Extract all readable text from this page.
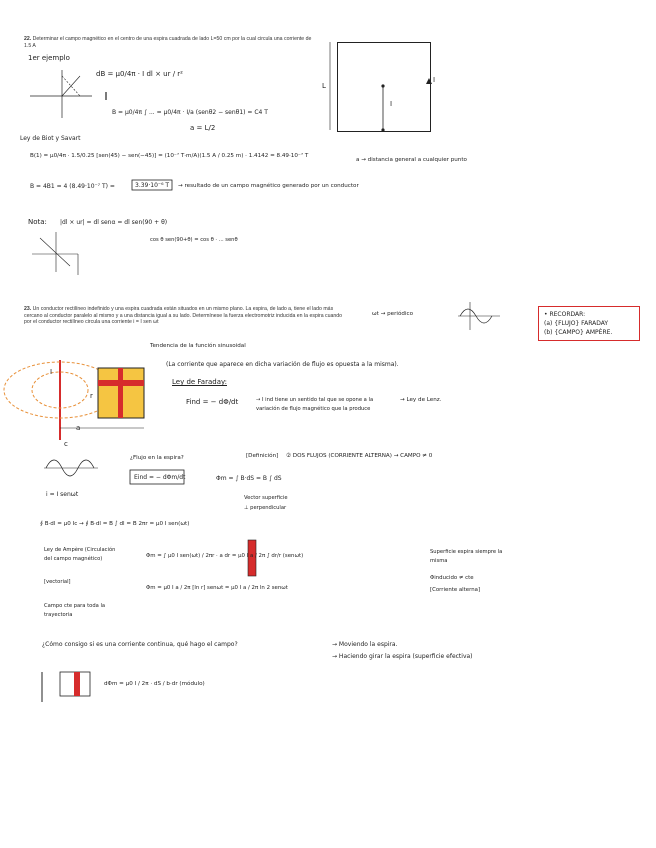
22. Determinar el campo magnético en el centro de una espira cuadrada de lado L=50 cm por la cual circula una corriente de 1.5 A
1er ejemplo
dB = μ0/4π · I dl × ur / r²
B = μ0/4π ∫ ... = μ0/4π · I/a (senθ2 − senθ1) = C4 T
a = L/2
Ley de Biot y Savart
B(1) = μ0/4π · 1.5/0.25 [sen(45) − sen(−45)] = (10⁻⁷ T·m/A)(1.5 A / 0.25 m) · 1.4142 = 8.49·10⁻⁷ T
B = 4B1 = 4 (8.49·10⁻⁷ T) =	3.39·10⁻⁶ T → resultado de un campo magnético generado por un conductor
a → distancia general a cualquier punto
Nota: |dl × ur| = dl senα = dl sen(90 + θ)
cos θ sen(90+θ) = cos θ · ... senθ
L
I
I
23. Un conductor rectilíneo indefinido y una espira cuadrada están situados en un mismo plano. La espira, de lado a, tiene el lado más cercano al conductor paralelo al mismo y a una distancia igual a su lado. Determínese la fuerza electromotriz inducida en la espira cuando por el conductor rectilíneo circula una corriente i = I sen ωt
ωt → periódico	• RECORDAR:
(a) {FLUJO} FARADAY
(b) {CAMPO} AMPÈRE.
Tendencia de la función sinusoidal
(La corriente que aparece en dicha variación de flujo es opuesta a la misma).
Ley de Faraday:
Find = − dΦ/dt	→ I ind tiene un sentido tal que se opone a la variación de flujo magnético que la produce
→ Ley de Lenz.
a
r
I
c
¿Flujo en la espira?
Eind = − dΦm/dt
[Definición] ② DOS FLUJOS (CORRIENTE ALTERNA) → CAMPO ≠ 0
Φm = ∫ B·dS = B ∫ dS
Vector superficie
⊥ perpendicular
i = I senωt
∮ B·dl = μ0 Ic → ∮ B·dl = B ∫ dl = B 2πr = μ0 I sen(ωt)
Ley de Ampère (Circulación del campo magnético)
[vectorial]
Campo cte para toda la trayectoria
Φm = ∫ μ0 I sen(ωt) / 2πr · a dr = μ0 I a / 2π ∫ dr/r (senωt)
Φm = μ0 I a / 2π [ln r] senωt = μ0 I a / 2π ln 2 senωt
Superficie espira siempre la misma
Φinducido ≠ cte
[Corriente alterna]
¿Cómo consigo si es una corriente continua, qué hago el campo?	→ Moviendo la espira.
→ Haciendo girar la espira (superficie efectiva)
dΦm = μ0 I / 2π · dS / b·dr (módulo)
